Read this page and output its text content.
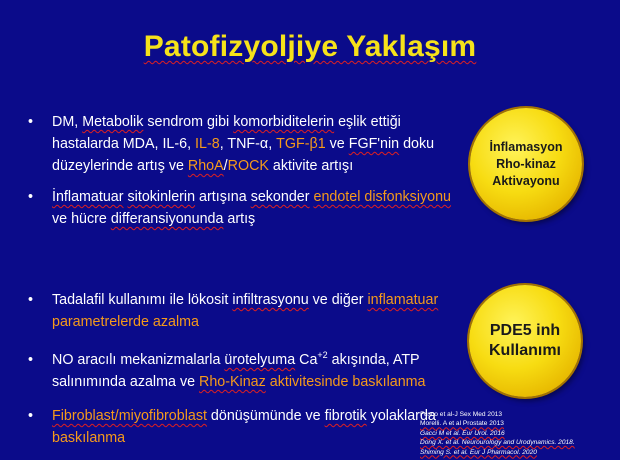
Patofizyoljiye Yaklaşım
• DM, Metabolik sendrom gibi komorbiditelerin eşlik ettiği hastalarda MDA, IL-6, IL-8, TNF-α, TGF-β1 ve FGF'nin doku düzeylerinde artış ve RhoA/ROCK aktivite artışı
• İnflamatuar sitokinlerin artışına sekonder endotel disfonksiyonu ve hücre differansiyonunda artış
• Tadalafil kullanımı ile lökosit infiltrasyonu ve diğer inflamatuar parametrelerde azalma
• NO aracılı mekanizmalarla ürotelyuma $Ca^{+2}$ akışında, ATP salınımında azalma ve Rho-Kinaz aktivitesinde baskılanma
• Fibroblast/miyofibroblast dönüşümünde ve fibrotik yolaklarda baskılanma
İnflamasyon
Rho-kinaz
Aktivayonu
PDE5 inh
Kullanımı
Fusco et al-J Sex Med 2013
Morelli. A et al Prostate 2013
Gacci M et al. Eur Urol. 2016
Dong X. et al. Neurourology and Urodynamics. 2018.
Shiming S. et al. Eur J Pharmacol. 2020
